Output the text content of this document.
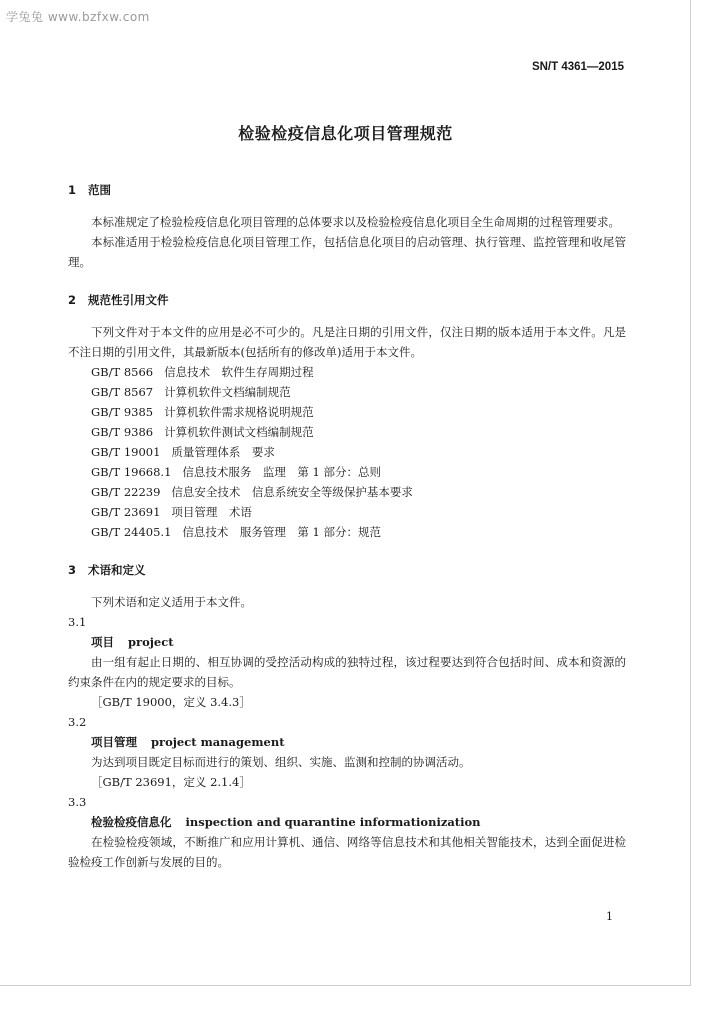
学兔兔 www.bzfxw.com
SN/T 4361—2015
检验检疫信息化项目管理规范
1 范围

本标准规定了检验检疫信息化项目管理的总体要求以及检验检疫信息化项目全生命周期的过程管理要求。

本标准适用于检验检疫信息化项目管理工作，包括信息化项目的启动管理、执行管理、监控管理和收尾管理。

2 规范性引用文件

下列文件对于本文件的应用是必不可少的。凡是注日期的引用文件，仅注日期的版本适用于本文件。凡是不注日期的引用文件，其最新版本(包括所有的修改单)适用于本文件。

GB/T 8566 信息技术　软件生存周期过程
GB/T 8567 计算机软件文档编制规范
GB/T 9385 计算机软件需求规格说明规范
GB/T 9386 计算机软件测试文档编制规范
GB/T 19001 质量管理体系　要求
GB/T 19668.1 信息技术服务　监理　第 1 部分：总则
GB/T 22239 信息安全技术　信息系统安全等级保护基本要求
GB/T 23691 项目管理　术语
GB/T 24405.1 信息技术　服务管理　第 1 部分：规范
3 术语和定义

下列术语和定义适用于本文件。

3.1
项目 project

由一组有起止日期的、相互协调的受控活动构成的独特过程，该过程要达到符合包括时间、成本和资源的约束条件在内的规定要求的目标。

［GB/T 19000，定义 3.4.3］
3.2
项目管理 project management

为达到项目既定目标而进行的策划、组织、实施、监测和控制的协调活动。

［GB/T 23691，定义 2.1.4］
3.3
检验检疫信息化 inspection and quarantine informationization

在检验检疫领域，不断推广和应用计算机、通信、网络等信息技术和其他相关智能技术，达到全面促进检验检疫工作创新与发展的目的。

1
